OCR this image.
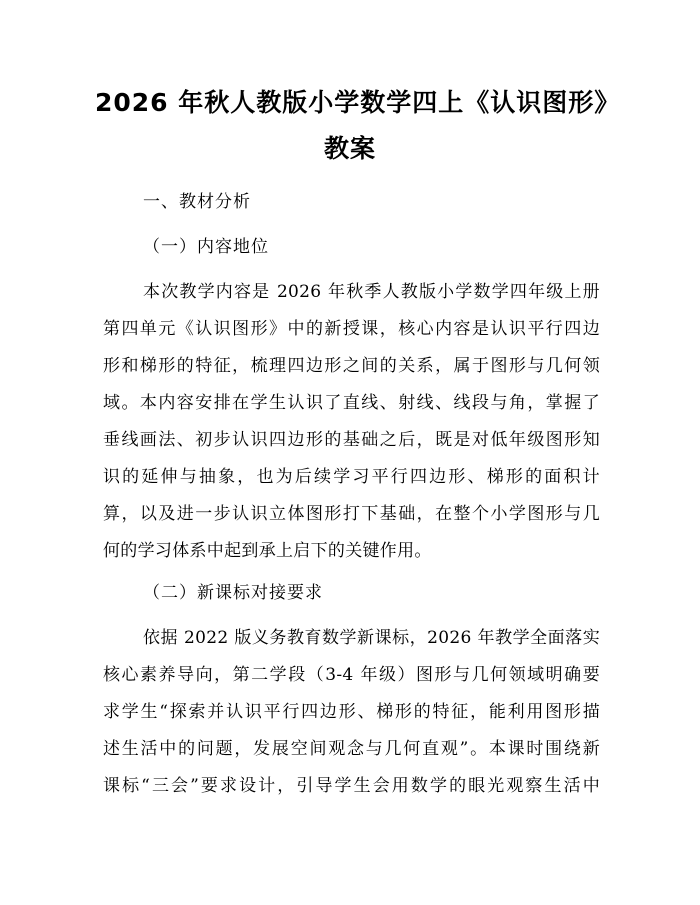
2026 年秋人教版小学数学四上《认识图形》
教案
一、教材分析
（一）内容地位
本次教学内容是 2026 年秋季人教版小学数学四年级上册
第四单元《认识图形》中的新授课，核心内容是认识平行四边
形和梯形的特征，梳理四边形之间的关系，属于图形与几何领
域。本内容安排在学生认识了直线、射线、线段与角，掌握了
垂线画法、初步认识四边形的基础之后，既是对低年级图形知
识的延伸与抽象，也为后续学习平行四边形、梯形的面积计
算，以及进一步认识立体图形打下基础，在整个小学图形与几
何的学习体系中起到承上启下的关键作用。
（二）新课标对接要求
依据 2022 版义务教育数学新课标，2026 年教学全面落实
核心素养导向，第二学段（3-4 年级）图形与几何领域明确要
求学生“探索并认识平行四边形、梯形的特征，能利用图形描
述生活中的问题，发展空间观念与几何直观”。本课时围绕新
课标“三会”要求设计，引导学生会用数学的眼光观察生活中
